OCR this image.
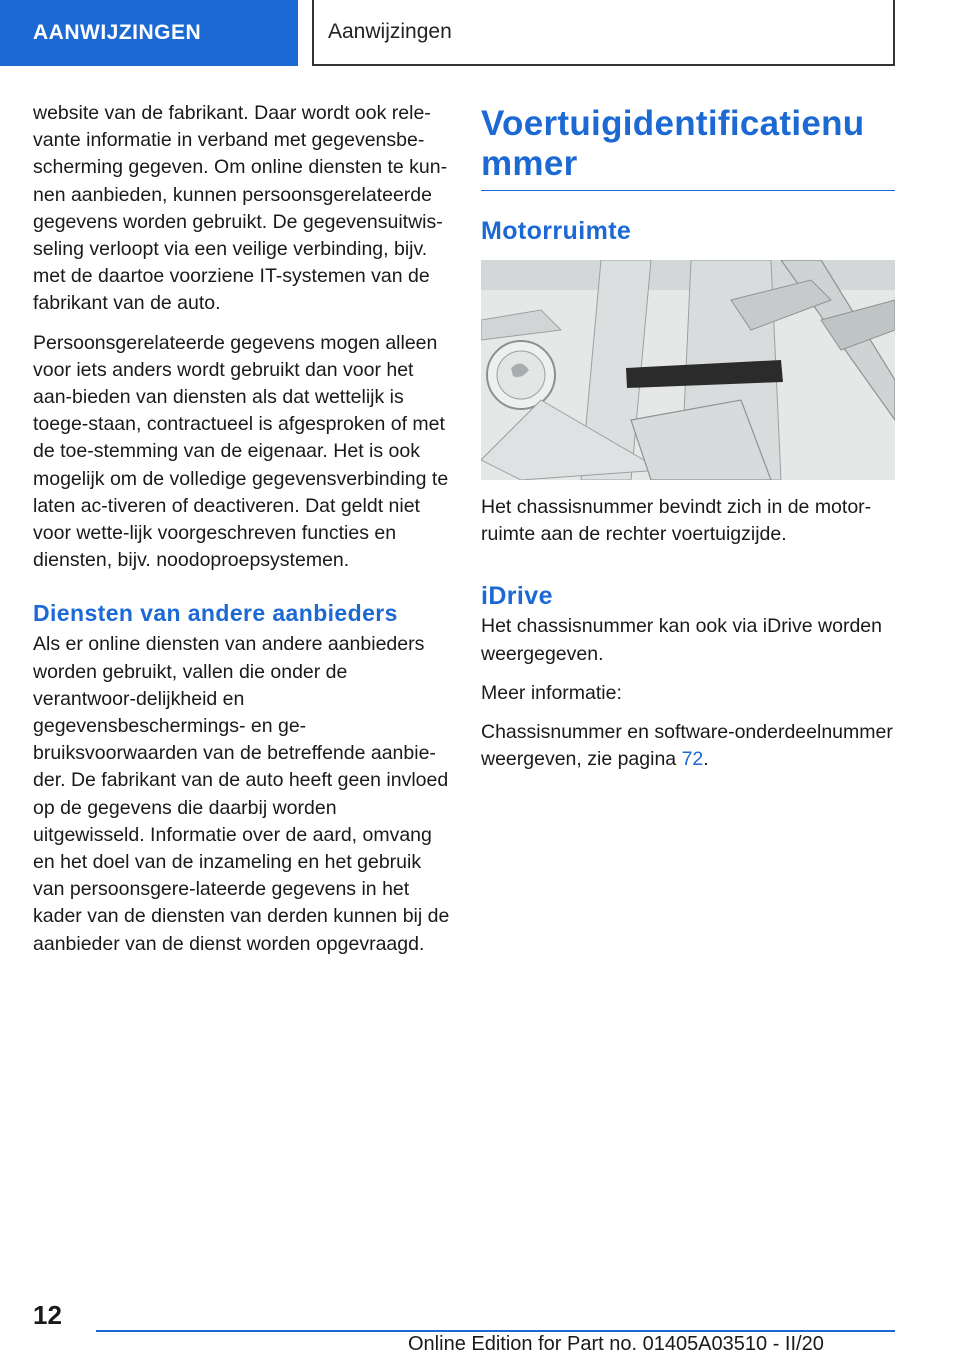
AANWIJZINGEN	Aanwijzingen

website van de fabrikant. Daar wordt ook rele-vante informatie in verband met gegevensbe-scherming gegeven. Om online diensten te kun-nen aanbieden, kunnen persoonsgerelateerde gegevens worden gebruikt. De gegevensuitwis-seling verloopt via een veilige verbinding, bijv. met de daartoe voorziene IT-systemen van de fabrikant van de auto.

Persoonsgerelateerde gegevens mogen alleen voor iets anders wordt gebruikt dan voor het aan-bieden van diensten als dat wettelijk is toege-staan, contractueel is afgesproken of met de toe-stemming van de eigenaar. Het is ook mogelijk om de volledige gegevensverbinding te laten ac-tiveren of deactiveren. Dat geldt niet voor wette-lijk voorgeschreven functies en diensten, bijv. noodoproepsystemen.

Diensten van andere aanbieders

Als er online diensten van andere aanbieders worden gebruikt, vallen die onder de verantwoor-delijkheid en gegevensbeschermings- en ge-bruiksvoorwaarden van de betreffende aanbie-der. De fabrikant van de auto heeft geen invloed op de gegevens die daarbij worden uitgewisseld. Informatie over de aard, omvang en het doel van de inzameling en het gebruik van persoonsgere-lateerde gegevens in het kader van de diensten van derden kunnen bij de aanbieder van de dienst worden opgevraagd.

Voertuigidentificatienummer
Motorruimte

Het chassisnummer bevindt zich in de motor-ruimte aan de rechter voertuigzijde.

iDrive

Het chassisnummer kan ook via iDrive worden weergegeven.

Meer informatie:

Chassisnummer en software-onderdeelnummer weergeven, zie pagina 72.

12
Online Edition for Part no. 01405A03510 - II/20
